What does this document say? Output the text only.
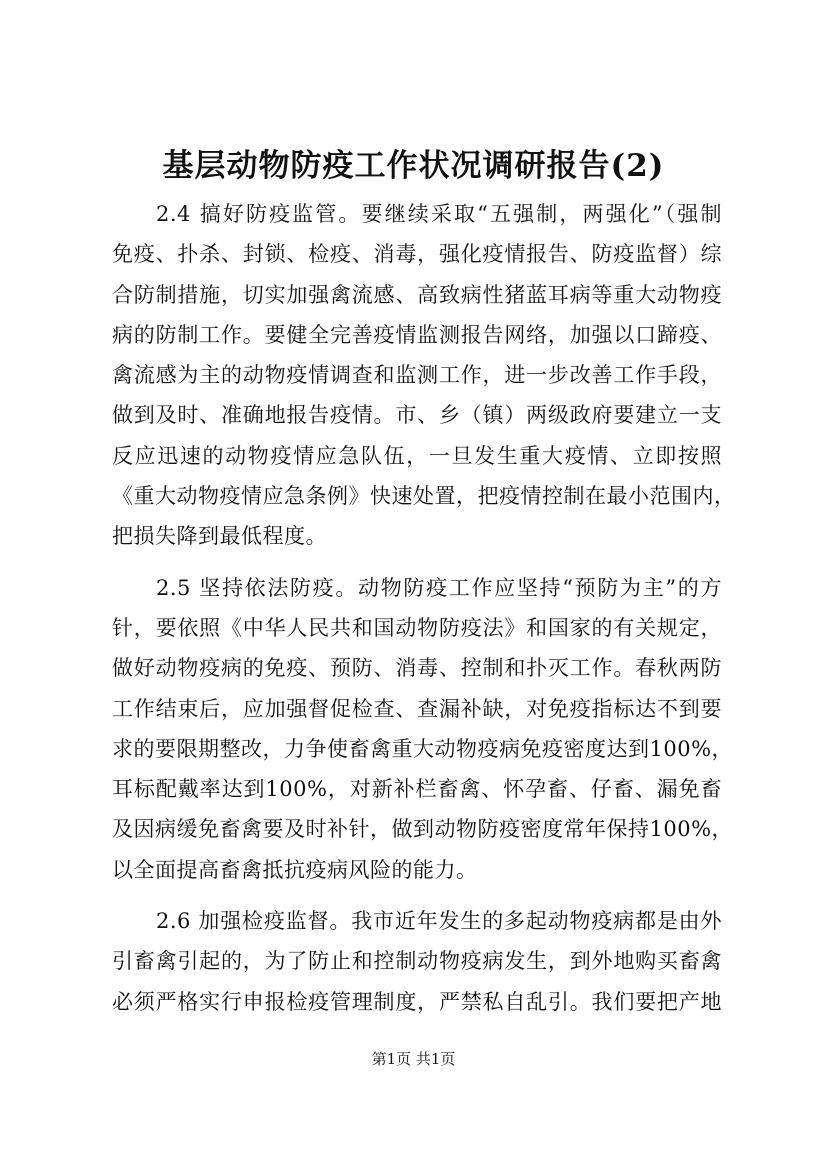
基层动物防疫工作状况调研报告(2)
2.4 搞好防疫监管。要继续采取“五强制，两强化”（强制
免疫、扑杀、封锁、检疫、消毒，强化疫情报告、防疫监督）综
合防制措施，切实加强禽流感、高致病性猪蓝耳病等重大动物疫
病的防制工作。要健全完善疫情监测报告网络，加强以口蹄疫、
禽流感为主的动物疫情调查和监测工作，进一步改善工作手段，
做到及时、准确地报告疫情。市、乡（镇）两级政府要建立一支
反应迅速的动物疫情应急队伍，一旦发生重大疫情、立即按照
《重大动物疫情应急条例》快速处置，把疫情控制在最小范围内，
把损失降到最低程度。
2.5 坚持依法防疫。动物防疫工作应坚持“预防为主”的方
针，要依照《中华人民共和国动物防疫法》和国家的有关规定，
做好动物疫病的免疫、预防、消毒、控制和扑灭工作。春秋两防
工作结束后，应加强督促检查、查漏补缺，对免疫指标达不到要
求的要限期整改，力争使畜禽重大动物疫病免疫密度达到100%，
耳标配戴率达到100%，对新补栏畜禽、怀孕畜、仔畜、漏免畜
及因病缓免畜禽要及时补针，做到动物防疫密度常年保持100%，
以全面提高畜禽抵抗疫病风险的能力。
2.6 加强检疫监督。我市近年发生的多起动物疫病都是由外
引畜禽引起的，为了防止和控制动物疫病发生，到外地购买畜禽
必须严格实行申报检疫管理制度，严禁私自乱引。我们要把产地
第1页 共1页
